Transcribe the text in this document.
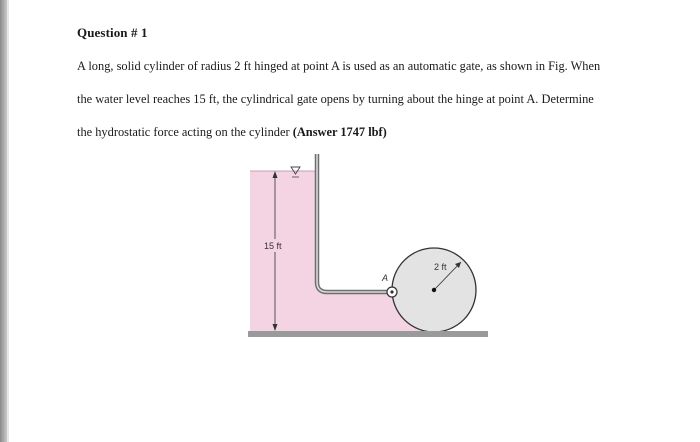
Question # 1

A long, solid cylinder of radius 2 ft hinged at point A is used as an automatic gate, as shown in Fig. When
the water level reaches 15 ft, the cylindrical gate opens by turning about the hinge at point A. Determine
the hydrostatic force acting on the cylinder (Answer 1747 lbf)

15 ft
2 ft
A
